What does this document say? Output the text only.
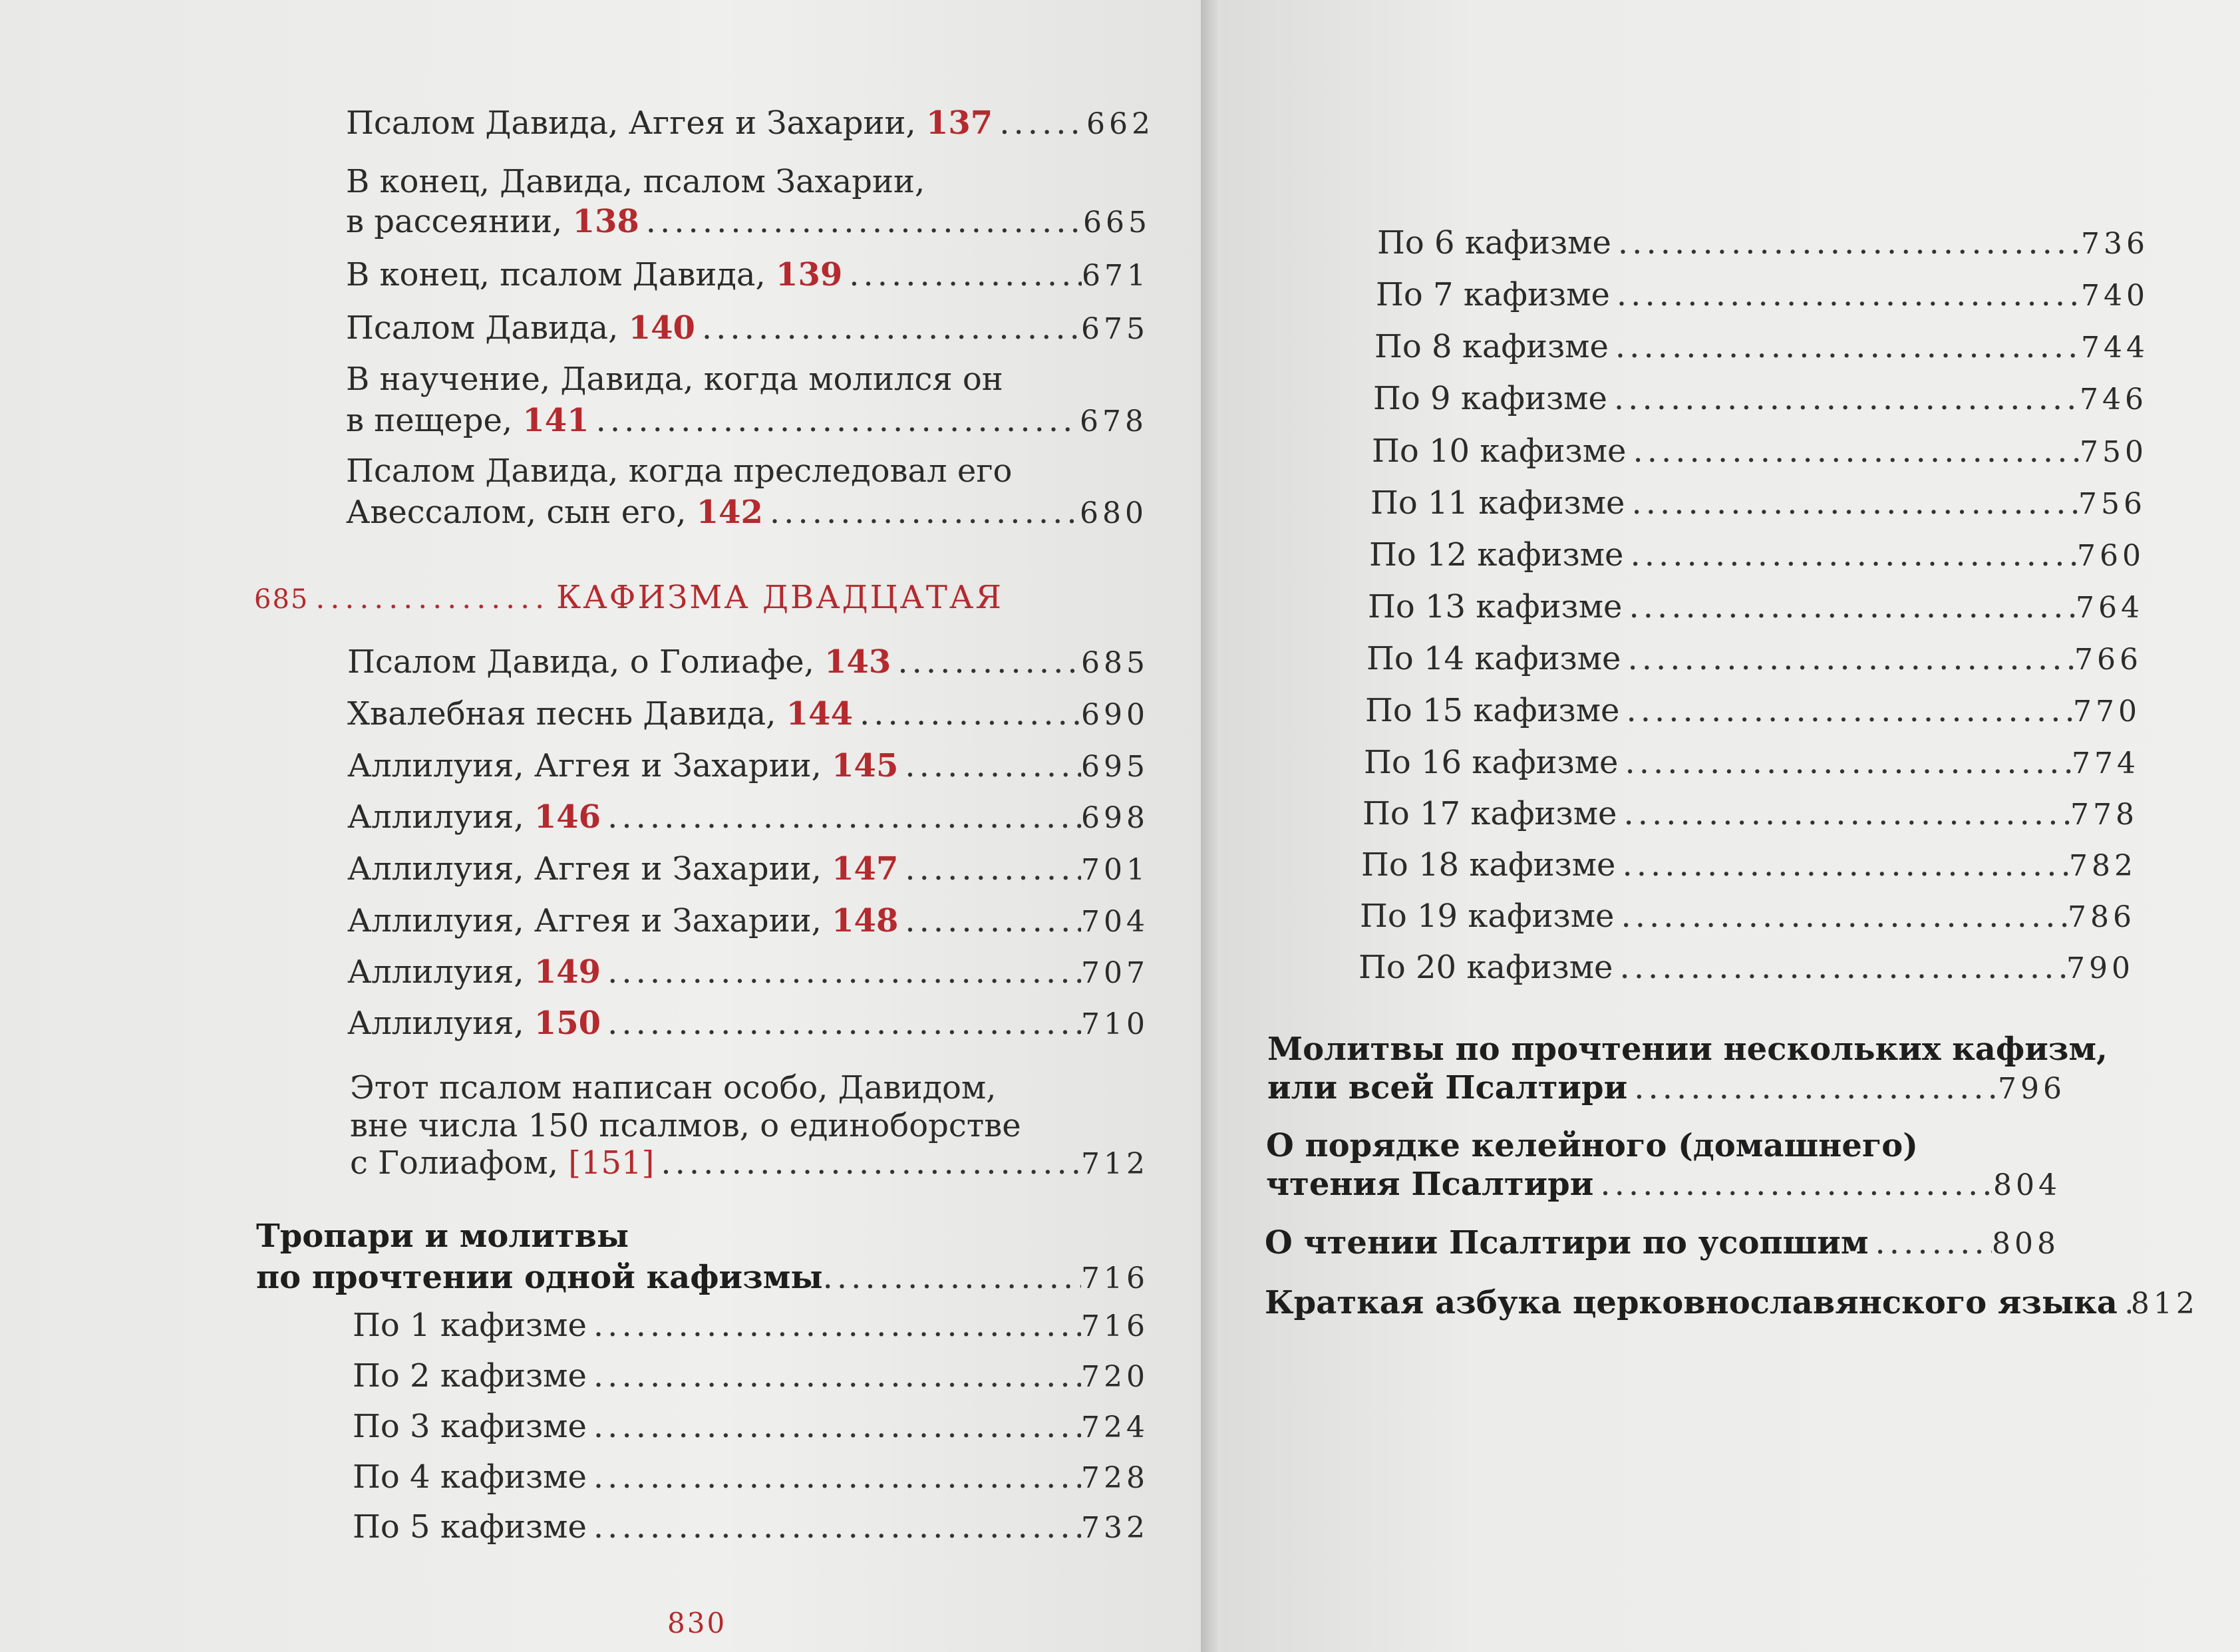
Псалом Давида, Аггея и Захарии, 137 .....	662
В конец, Давида, псалом Захарии,
в рассеянии, 138 .....	665
В конец, псалом Давида, 139 .....	671
Псалом Давида, 140 .....	675
В научение, Давида, когда молился он
в пещере, 141 .....	678
Псалом Давида, когда преследовал его
Авессалом, сын его, 142 .....	680
685 ................ КАФИЗМА ДВАДЦАТАЯ
Псалом Давида, о Голиафе, 143 .....	685
Хвалебная песнь Давида, 144 .....	690
Аллилуия, Аггея и Захарии, 145 .....	695
Аллилуия, 146 .....	698
Аллилуия, Аггея и Захарии, 147 .....	701
Аллилуия, Аггея и Захарии, 148 .....	704
Аллилуия, 149 .....	707
Аллилуия, 150 .....	710
Этот псалом написан особо, Давидом,
вне числа 150 псалмов, о единоборстве
с Голиафом, [151] .....	712
Тропари и молитвы
по прочтении одной кафизмы .....	716
По 1 кафизме .....	716
По 2 кафизме .....	720
По 3 кафизме .....	724
По 4 кафизме .....	728
По 5 кафизме .....	732
830
По 6 кафизме .....	736
По 7 кафизме .....	740
По 8 кафизме .....	744
По 9 кафизме .....	746
По 10 кафизме .....	750
По 11 кафизме .....	756
По 12 кафизме .....	760
По 13 кафизме .....	764
По 14 кафизме .....	766
По 15 кафизме .....	770
По 16 кафизме .....	774
По 17 кафизме .....	778
По 18 кафизме .....	782
По 19 кафизме .....	786
По 20 кафизме .....	790
Молитвы по прочтении нескольких кафизм,
или всей Псалтири .....	796
О порядке келейного (домашнего)
чтения Псалтири .....	804
О чтении Псалтири по усопшим .....	808
Краткая азбука церковнославянского языка ..... 812
